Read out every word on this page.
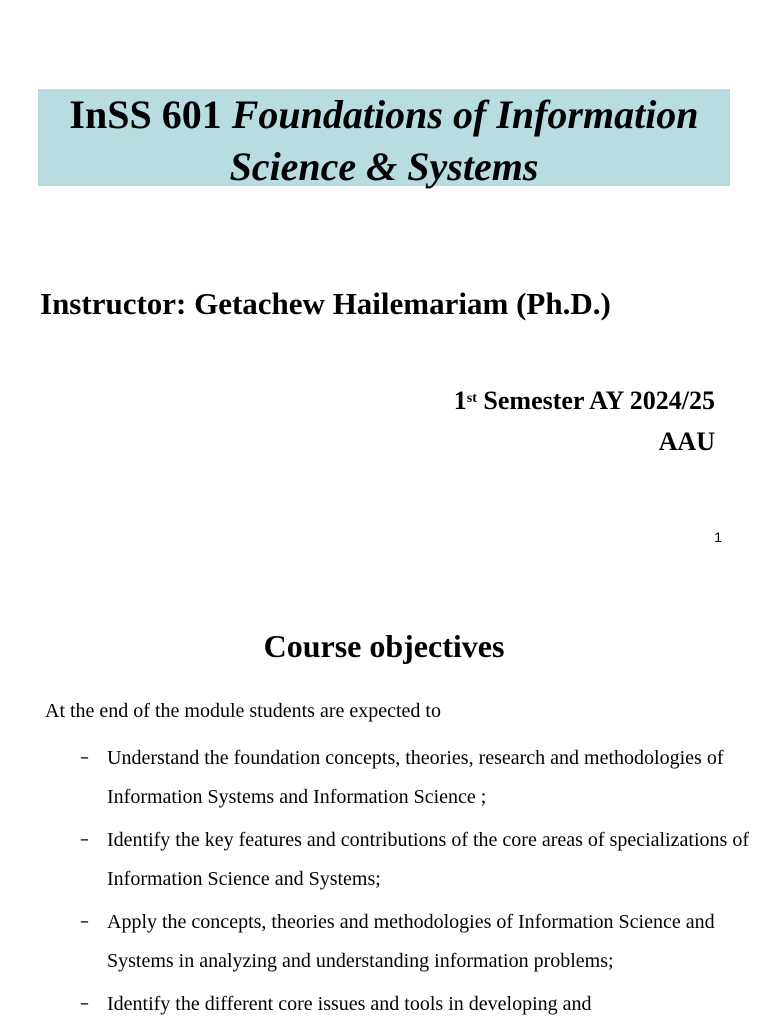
InSS 601 Foundations of Information Science & Systems
Instructor: Getachew Hailemariam (Ph.D.)
1st Semester AY 2024/25
AAU
1
Course objectives
At the end of the module students are expected to
– Understand the foundation concepts, theories, research and methodologies of Information Systems and Information Science ;
– Identify the key features and contributions of the core areas of specializations of Information Science and Systems;
– Apply the concepts, theories and methodologies of Information Science and Systems in analyzing and understanding information problems;
– Identify the different core issues and tools in developing and
